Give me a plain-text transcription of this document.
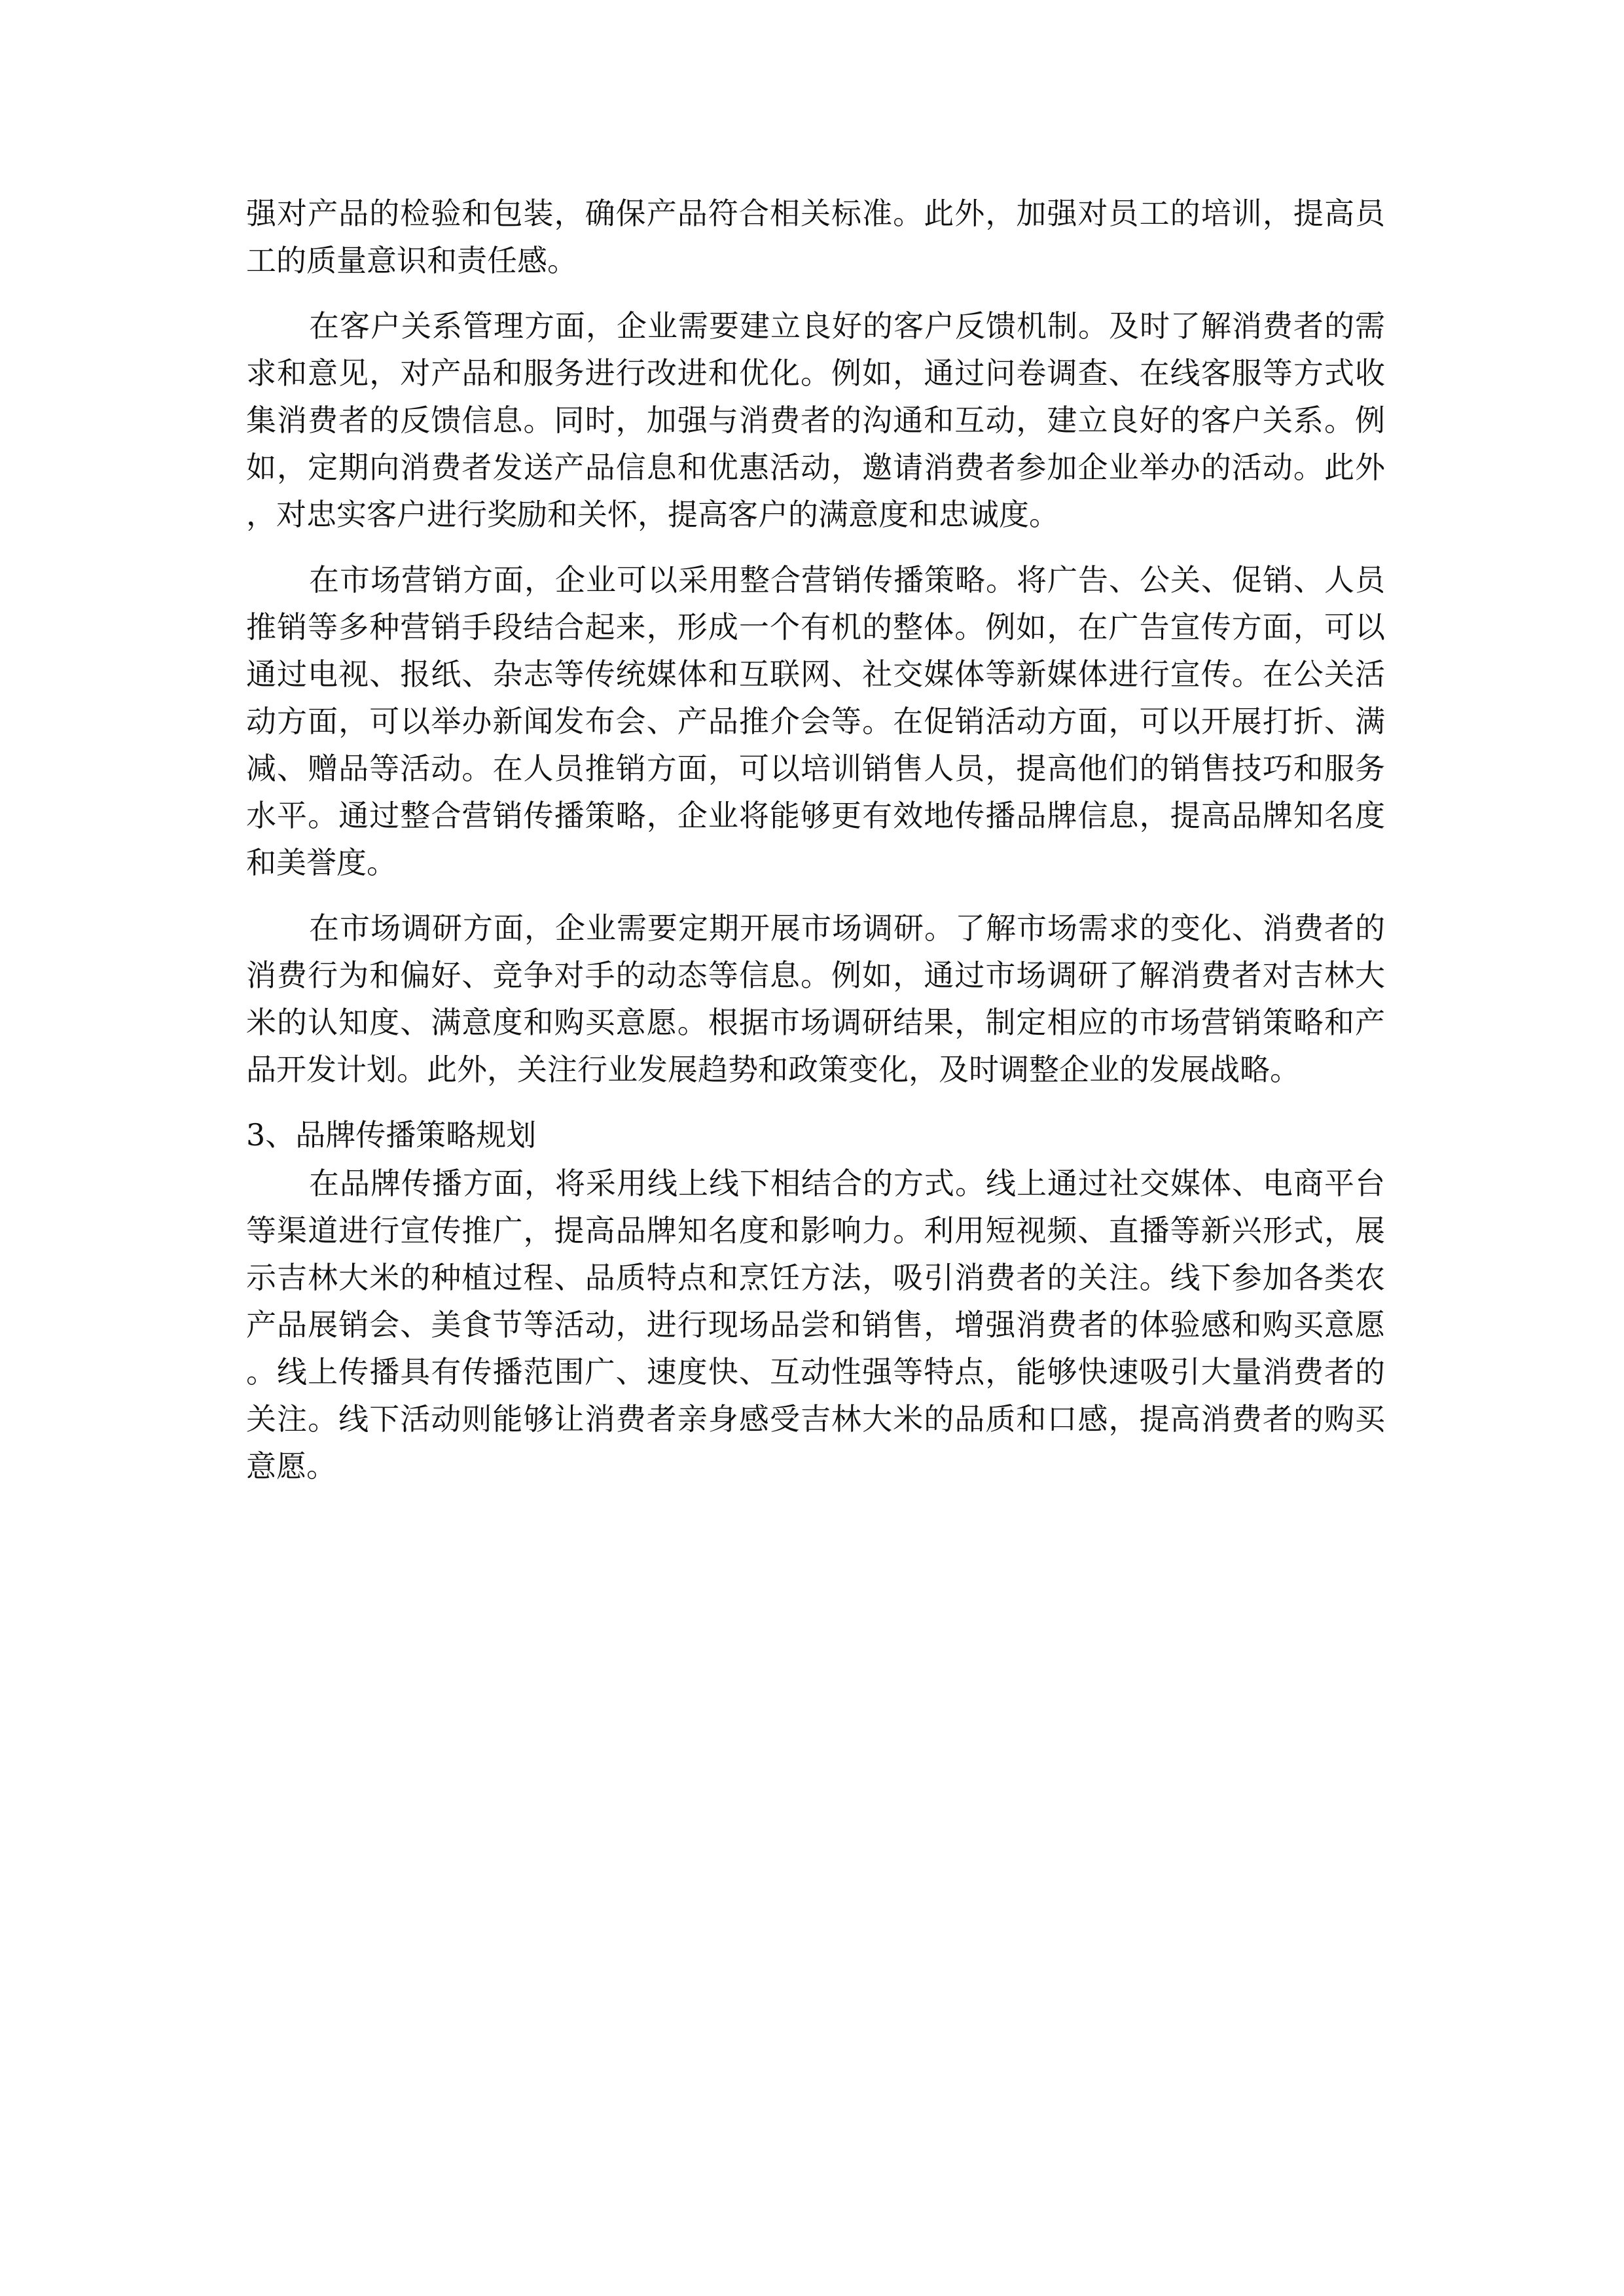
强对产品的检验和包装，确保产品符合相关标准。此外，加强对员工的培训，提高员工的质量意识和责任感。

在客户关系管理方面，企业需要建立良好的客户反馈机制。及时了解消费者的需求和意见，对产品和服务进行改进和优化。例如，通过问卷调查、在线客服等方式收集消费者的反馈信息。同时，加强与消费者的沟通和互动，建立良好的客户关系。例如，定期向消费者发送产品信息和优惠活动，邀请消费者参加企业举办的活动。此外，对忠实客户进行奖励和关怀，提高客户的满意度和忠诚度。

在市场营销方面，企业可以采用整合营销传播策略。将广告、公关、促销、人员推销等多种营销手段结合起来，形成一个有机的整体。例如，在广告宣传方面，可以通过电视、报纸、杂志等传统媒体和互联网、社交媒体等新媒体进行宣传。在公关活动方面，可以举办新闻发布会、产品推介会等。在促销活动方面，可以开展打折、满减、赠品等活动。在人员推销方面，可以培训销售人员，提高他们的销售技巧和服务水平。通过整合营销传播策略，企业将能够更有效地传播品牌信息，提高品牌知名度和美誉度。

在市场调研方面，企业需要定期开展市场调研。了解市场需求的变化、消费者的消费行为和偏好、竞争对手的动态等信息。例如，通过市场调研了解消费者对吉林大米的认知度、满意度和购买意愿。根据市场调研结果，制定相应的市场营销策略和产品开发计划。此外，关注行业发展趋势和政策变化，及时调整企业的发展战略。

3、品牌传播策略规划

在品牌传播方面，将采用线上线下相结合的方式。线上通过社交媒体、电商平台等渠道进行宣传推广，提高品牌知名度和影响力。利用短视频、直播等新兴形式，展示吉林大米的种植过程、品质特点和烹饪方法，吸引消费者的关注。线下参加各类农产品展销会、美食节等活动，进行现场品尝和销售，增强消费者的体验感和购买意愿。线上传播具有传播范围广、速度快、互动性强等特点，能够快速吸引大量消费者的关注。线下活动则能够让消费者亲身感受吉林大米的品质和口感，提高消费者的购买意愿。
